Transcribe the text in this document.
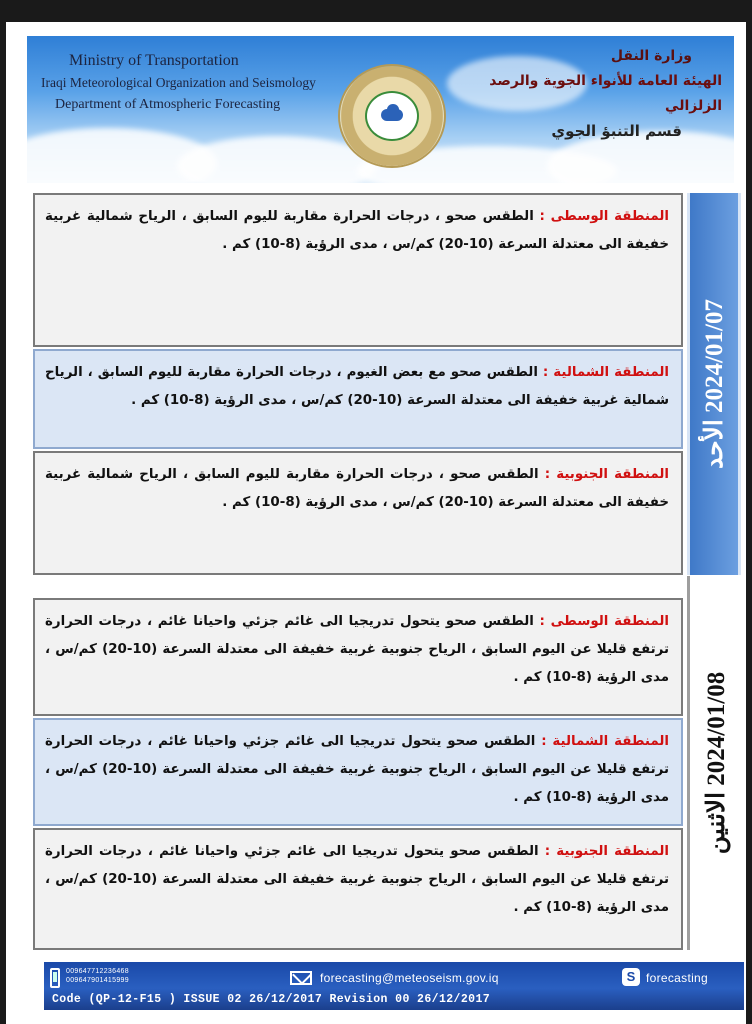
Ministry of Transportation
Iraqi Meteorological Organization and Seismology
Department of Atmospheric Forecasting
وزارة النقل
الهيئة العامة للأنواء الجوية والرصد الزلزالي
قسم التنبؤ الجوي
المنطقة الوسطى : الطقس صحو ، درجات الحرارة مقاربة لليوم السابق ، الرياح شمالية غربية خفيفة الى معتدلة السرعة (10-20) كم/س ، مدى الرؤية (8-10) كم .
المنطقة الشمالية : الطقس صحو مع بعض الغيوم ، درجات الحرارة مقاربة لليوم السابق ، الرياح شمالية غربية خفيفة الى معتدلة السرعة (10-20) كم/س ، مدى الرؤية (8-10) كم .
المنطقة الجنوبية : الطقس صحو ، درجات الحرارة مقاربة لليوم السابق ، الرياح شمالية غربية خفيفة الى معتدلة السرعة (10-20) كم/س ، مدى الرؤية (8-10) كم .
2024/01/07 الأحد
المنطقة الوسطى : الطقس صحو يتحول تدريجيا الى غائم جزئي واحيانا غائم ، درجات الحرارة ترتفع قليلا عن اليوم السابق ، الرياح جنوبية غربية خفيفة الى معتدلة السرعة (10-20) كم/س ، مدى الرؤية (8-10) كم .
المنطقة الشمالية : الطقس صحو يتحول تدريجيا الى غائم جزئي واحيانا غائم ، درجات الحرارة ترتفع قليلا عن اليوم السابق ، الرياح جنوبية غربية خفيفة الى معتدلة السرعة (10-20) كم/س ، مدى الرؤية (8-10) كم .
المنطقة الجنوبية : الطقس صحو يتحول تدريجيا الى غائم جزئي واحيانا غائم ، درجات الحرارة ترتفع قليلا عن اليوم السابق ، الرياح جنوبية غربية خفيفة الى معتدلة السرعة (10-20) كم/س ، مدى الرؤية (8-10) كم .
2024/01/08 الاثنين
009647712236468
009647901415999	forecasting@meteoseism.gov.iq	S forecasting
Code (QP-12-F15 ) ISSUE 02 26/12/2017 Revision 00 26/12/2017
